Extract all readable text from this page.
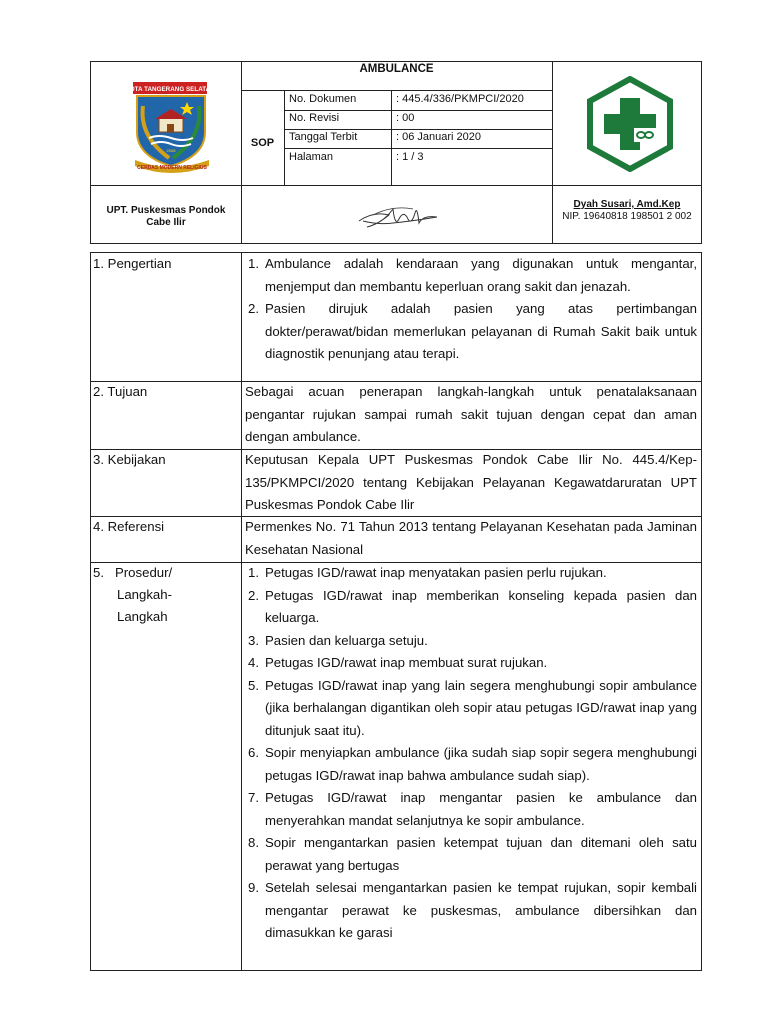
KOTA TANGERANG SELATAN
2008
CERDAS MODERN RELIGIUS
AMBULANCE
SOP
No. Dokumen	: 445.4/336/PKMPCI/2020
No. Revisi	: 00
Tanggal Terbit	: 06 Januari 2020
Halaman	: 1 / 3
UPT. Puskesmas Pondok
Cabe Ilir
Dyah Susari, Amd.Kep
NIP. 19640818 198501 2 002
1. Pengertian	1. Ambulance adalah kendaraan yang digunakan untuk mengantar, menjemput dan membantu keperluan orang sakit dan jenazah.
2. Pasien dirujuk adalah pasien yang atas pertimbangan dokter/perawat/bidan memerlukan pelayanan di Rumah Sakit baik untuk diagnostik penunjang atau terapi.
2. Tujuan	Sebagai acuan penerapan langkah-langkah untuk penatalaksanaan pengantar rujukan sampai rumah sakit tujuan dengan cepat dan aman dengan ambulance.
3. Kebijakan	Keputusan Kepala UPT Puskesmas Pondok Cabe Ilir No. 445.4/Kep-135/PKMPCI/2020 tentang Kebijakan Pelayanan Kegawatdaruratan UPT Puskesmas Pondok Cabe Ilir
4. Referensi	Permenkes No. 71 Tahun 2013 tentang Pelayanan Kesehatan pada Jaminan Kesehatan Nasional
5.   Prosedur/
Langkah-
Langkah
1. Petugas IGD/rawat inap menyatakan pasien perlu rujukan.
2. Petugas IGD/rawat inap memberikan konseling kepada pasien dan keluarga.
3. Pasien dan keluarga setuju.
4. Petugas IGD/rawat inap membuat surat rujukan.
5. Petugas IGD/rawat inap yang lain segera menghubungi sopir ambulance (jika berhalangan digantikan oleh sopir atau petugas IGD/rawat inap yang ditunjuk saat itu).
6. Sopir menyiapkan ambulance (jika sudah siap sopir segera menghubungi petugas IGD/rawat inap bahwa ambulance sudah siap).
7. Petugas IGD/rawat inap mengantar pasien ke ambulance dan menyerahkan mandat selanjutnya ke sopir ambulance.
8. Sopir mengantarkan pasien ketempat tujuan dan ditemani oleh satu perawat yang bertugas
9. Setelah selesai mengantarkan pasien ke tempat rujukan, sopir kembali mengantar perawat ke puskesmas, ambulance dibersihkan dan dimasukkan ke garasi
